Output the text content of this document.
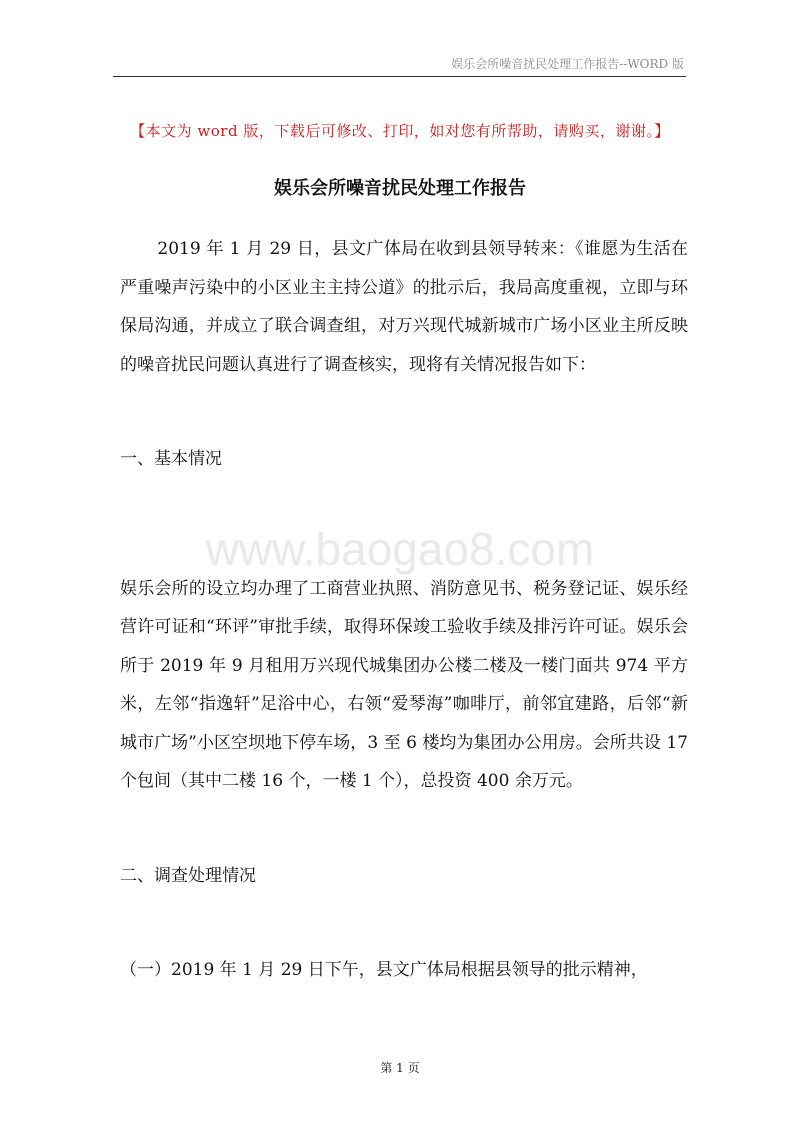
娱乐会所噪音扰民处理工作报告--WORD 版
【本文为 word 版，下载后可修改、打印，如对您有所帮助，请购买，谢谢。】
娱乐会所噪音扰民处理工作报告
www.baogao8.com

2019 年 1 月 29 日，县文广体局在收到县领导转来：《谁愿为生活在严重噪声污染中的小区业主主持公道》的批示后，我局高度重视，立即与环保局沟通，并成立了联合调查组，对万兴现代城新城市广场小区业主所反映的噪音扰民问题认真进行了调查核实，现将有关情况报告如下：

一、基本情况

娱乐会所的设立均办理了工商营业执照、消防意见书、税务登记证、娱乐经营许可证和“环评”审批手续，取得环保竣工验收手续及排污许可证。娱乐会所于 2019 年 9 月租用万兴现代城集团办公楼二楼及一楼门面共 974 平方米，左邻“指逸轩”足浴中心，右领“爱琴海”咖啡厅，前邻宜建路，后邻“新城市广场”小区空坝地下停车场，3 至 6 楼均为集团办公用房。会所共设 17 个包间（其中二楼 16 个，一楼 1 个），总投资 400 余万元。

二、调查处理情况

（一）2019 年 1 月 29 日下午，县文广体局根据县领导的批示精神，

第 1 页
